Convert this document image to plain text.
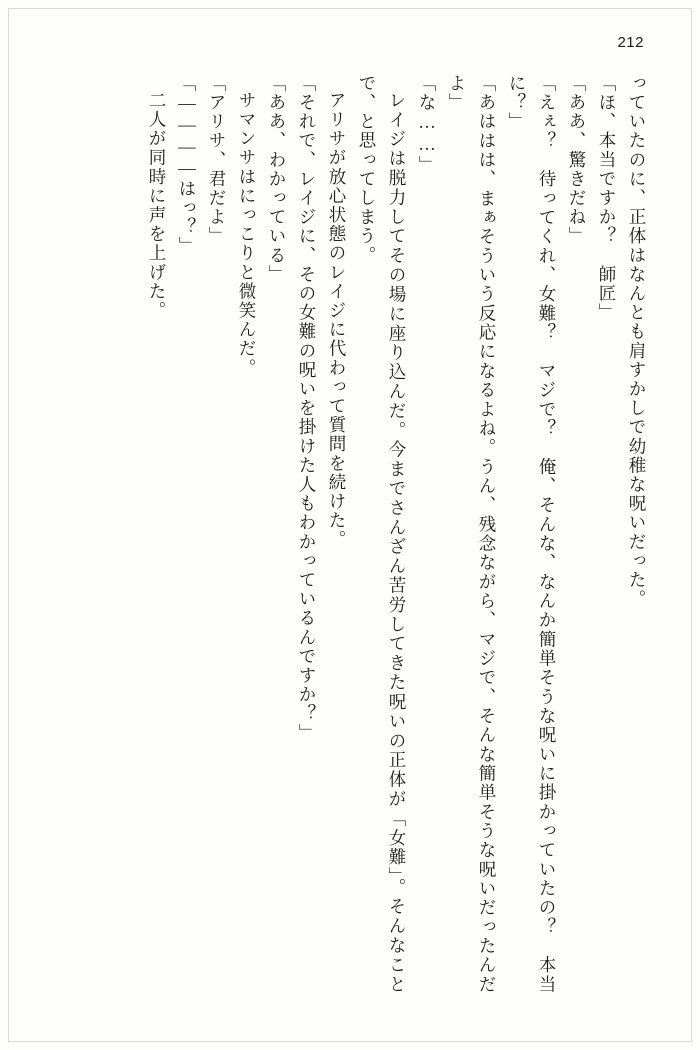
212

っていたのに、正体はなんとも肩すかしで幼稚な呪いだった。

「ほ、本当ですか？　師匠」

「ああ、驚きだね」

「えぇ？　待ってくれ、女難？　マジで？　俺、そんな、なんか簡単そうな呪いに掛かっていたの？　本当に？」

「あははは、まぁそういう反応になるよね。うん、残念ながら、マジで、そんな簡単そうな呪いだったんだよ」

「な……」

レイジは脱力してその場に座り込んだ。今までさんざん苦労してきた呪いの正体が「女難」。そんなことで、と思ってしまう。

アリサが放心状態のレイジに代わって質問を続けた。

「それで、レイジに、その女難の呪いを掛けた人もわかっているんですか？」

「ああ、わかっている」

サマンサはにっこりと微笑んだ。

「アリサ、君だよ」

「————はっ？」

二人が同時に声を上げた。
